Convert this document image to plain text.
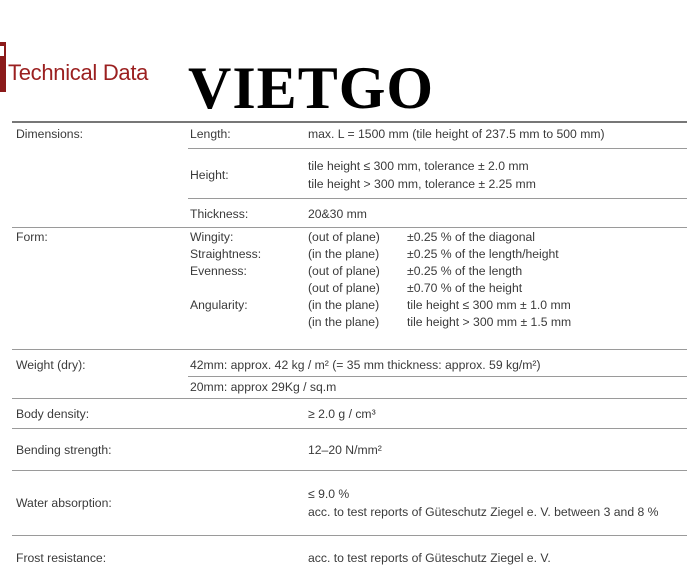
Technical Data VIETGO
Dimensions:	Length:	max. L = 1500 mm (tile height of 237.5 mm to 500 mm)
Height:
tile height ≤ 300 mm, tolerance ± 2.0 mm
tile height > 300 mm, tolerance ± 2.25 mm
Thickness:	20&30 mm
Form:	Wingity:	(out of plane) ±0.25 % of the diagonal
Straightness:	(in the plane) ±0.25 % of the length/height
Evenness:	(out of plane) ±0.25 % of the length
(out of plane) ±0.70 % of the height
Angularity:	(in the plane) tile height ≤ 300 mm ± 1.0 mm
(in the plane) tile height > 300 mm ± 1.5 mm
Weight (dry):	42mm: approx. 42 kg / m² (= 35 mm thickness: approx. 59 kg/m²)
20mm: approx 29Kg / sq.m
Body density:	≥ 2.0 g / cm³
Bending strength:	12–20 N/mm²
Water absorption:
≤ 9.0 %
acc. to test reports of Güteschutz Ziegel e. V. between 3 and 8 %
Frost resistance:	acc. to test reports of Güteschutz Ziegel e. V.
